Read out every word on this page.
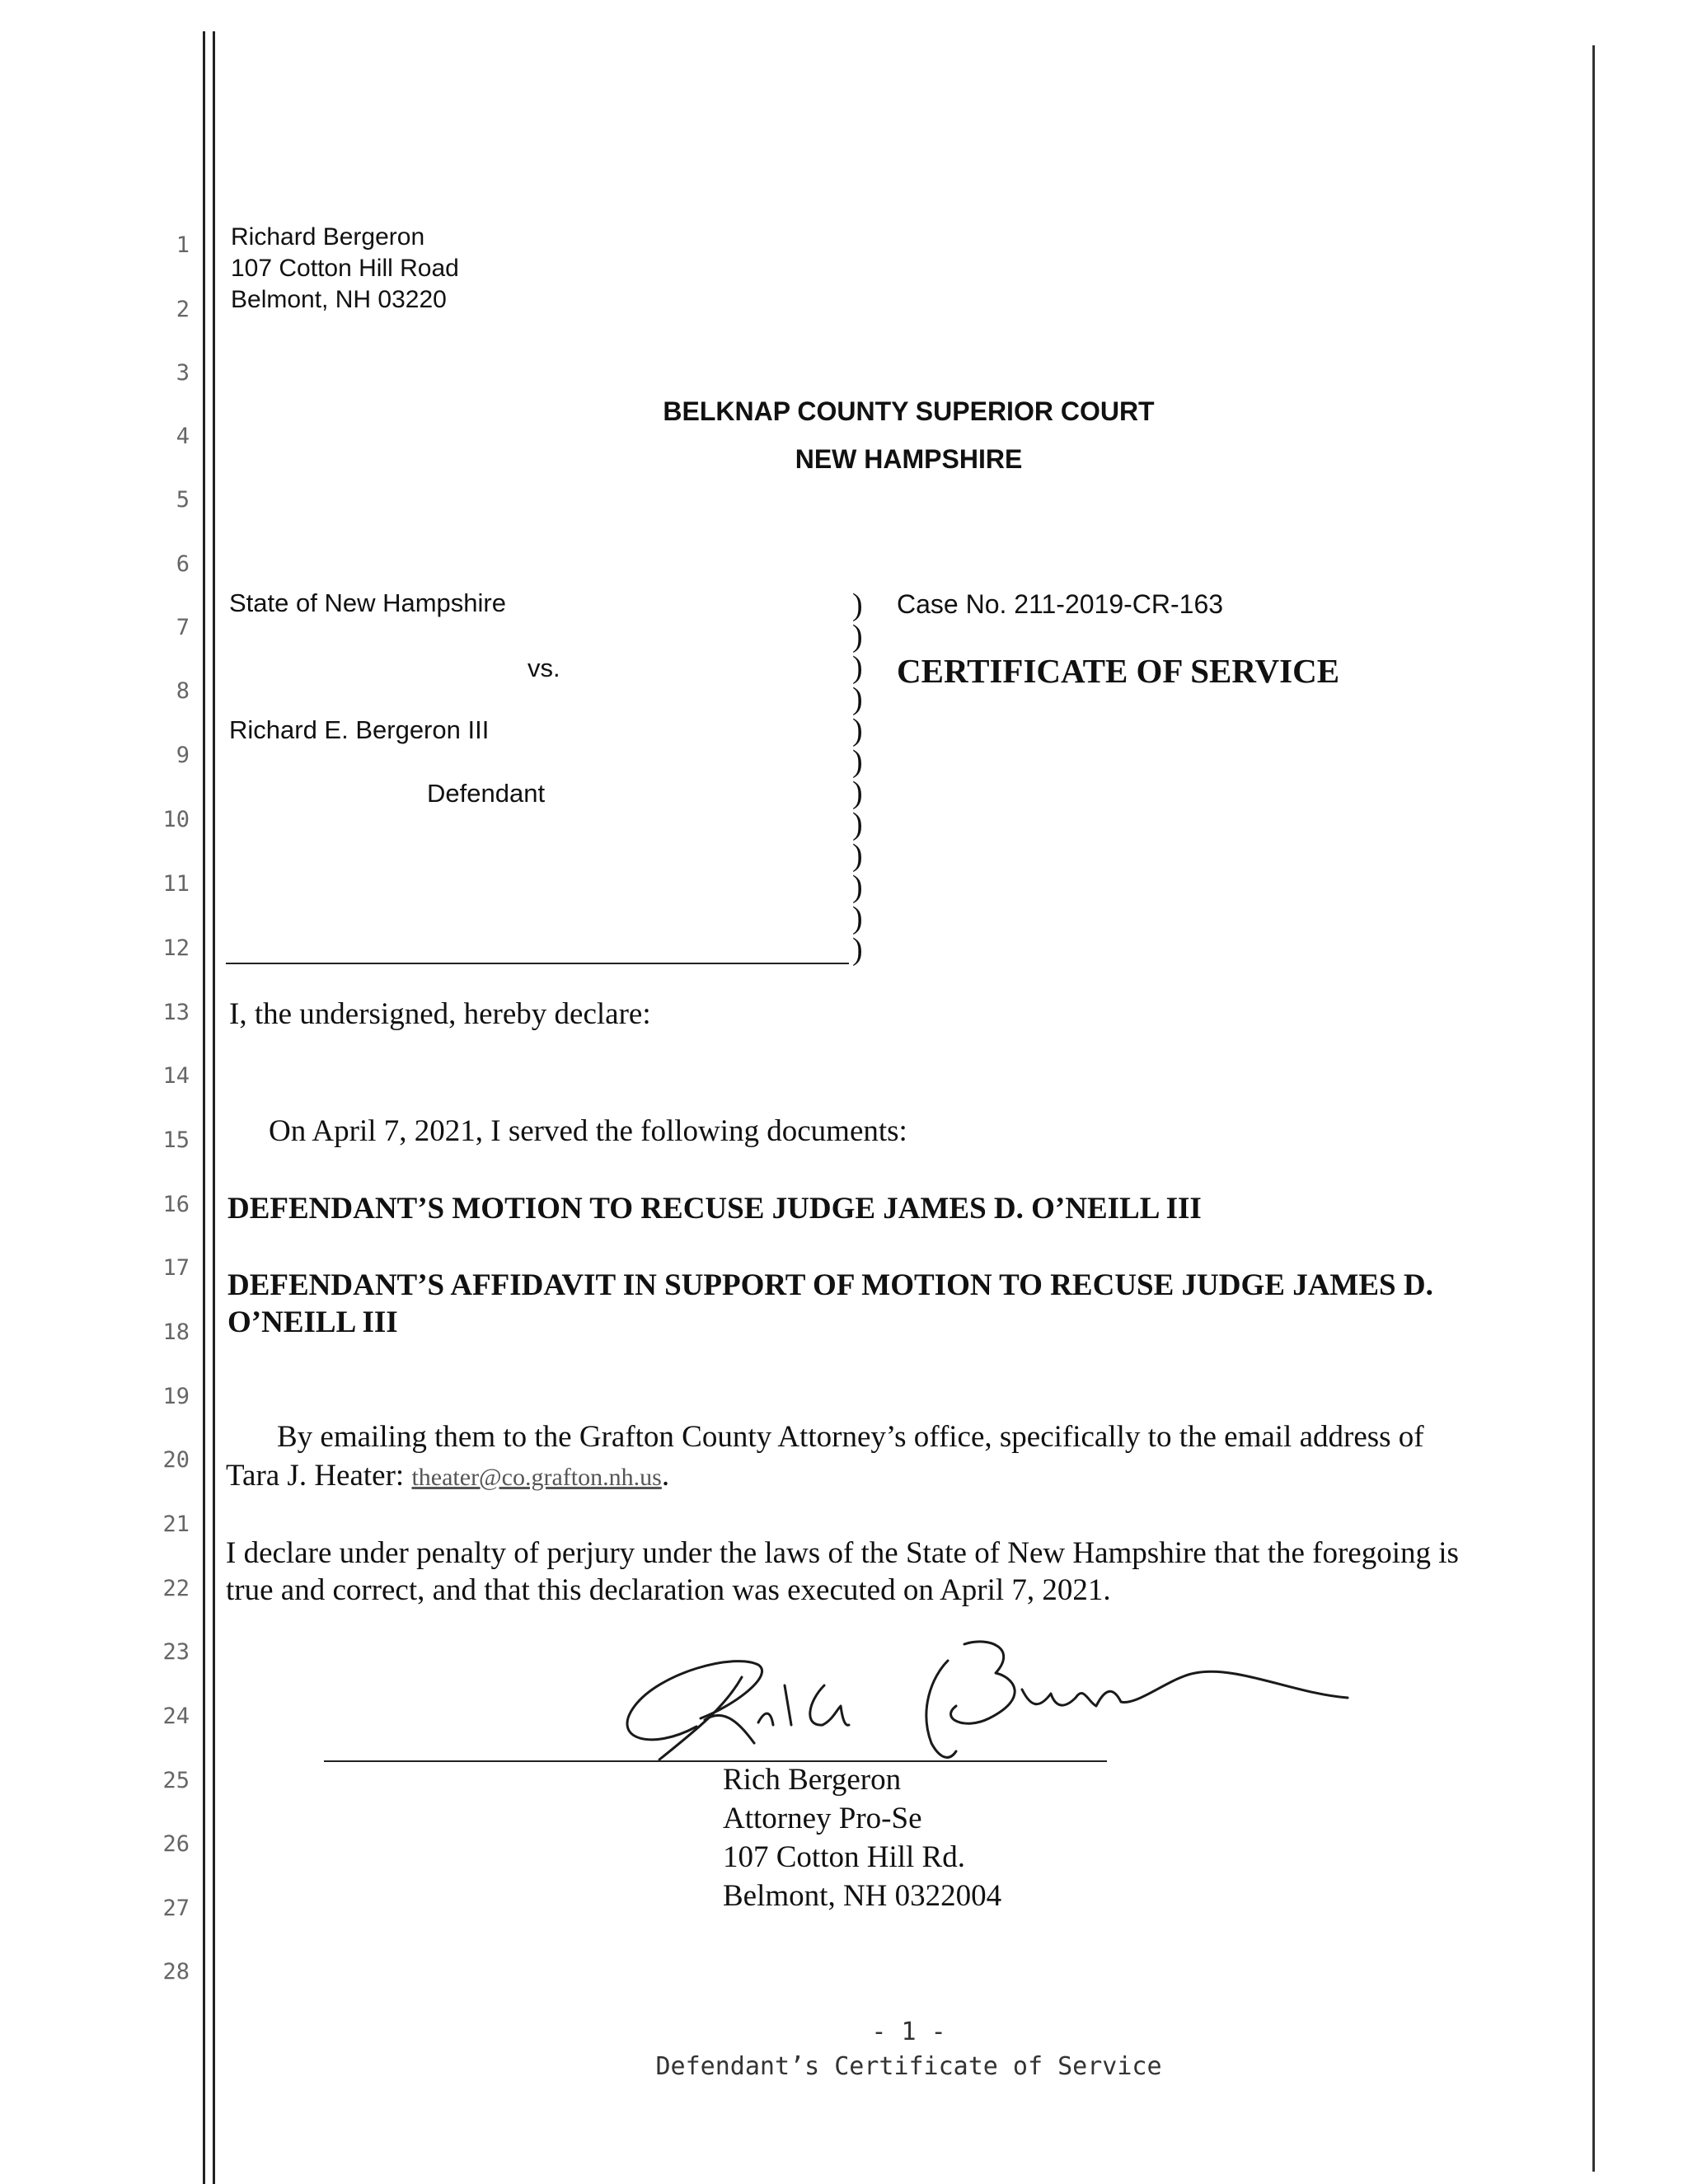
1
2
3
4
5
6
7
8
9
10
11
12
13
14
15
16
17
18
19
20
21
22
23
24
25
26
27
28
Richard Bergeron
107 Cotton Hill Road
Belmont, NH 03220
BELKNAP COUNTY SUPERIOR COURT
NEW HAMPSHIRE
State of New Hampshire
vs.
Richard E. Bergeron III
Defendant
)
)
)
)
)
)
)
)
)
)
)
)
Case No. 211-2019-CR-163
CERTIFICATE OF SERVICE
I, the undersigned, hereby declare:
On April 7, 2021, I served the following documents:
DEFENDANT’S MOTION TO RECUSE JUDGE JAMES D. O’NEILL III
DEFENDANT’S AFFIDAVIT IN SUPPORT OF MOTION TO RECUSE JUDGE JAMES D.
O’NEILL III
By emailing them to the Grafton County Attorney’s office, specifically to the email address of
Tara J. Heater: theater@co.grafton.nh.us.
I declare under penalty of perjury under the laws of the State of New Hampshire that the foregoing is
true and correct, and that this declaration was executed on April 7, 2021.
Rich Bergeron
Attorney Pro-Se
107 Cotton Hill Rd.
Belmont, NH 0322004
- 1 -
Defendant’s Certificate of Service
